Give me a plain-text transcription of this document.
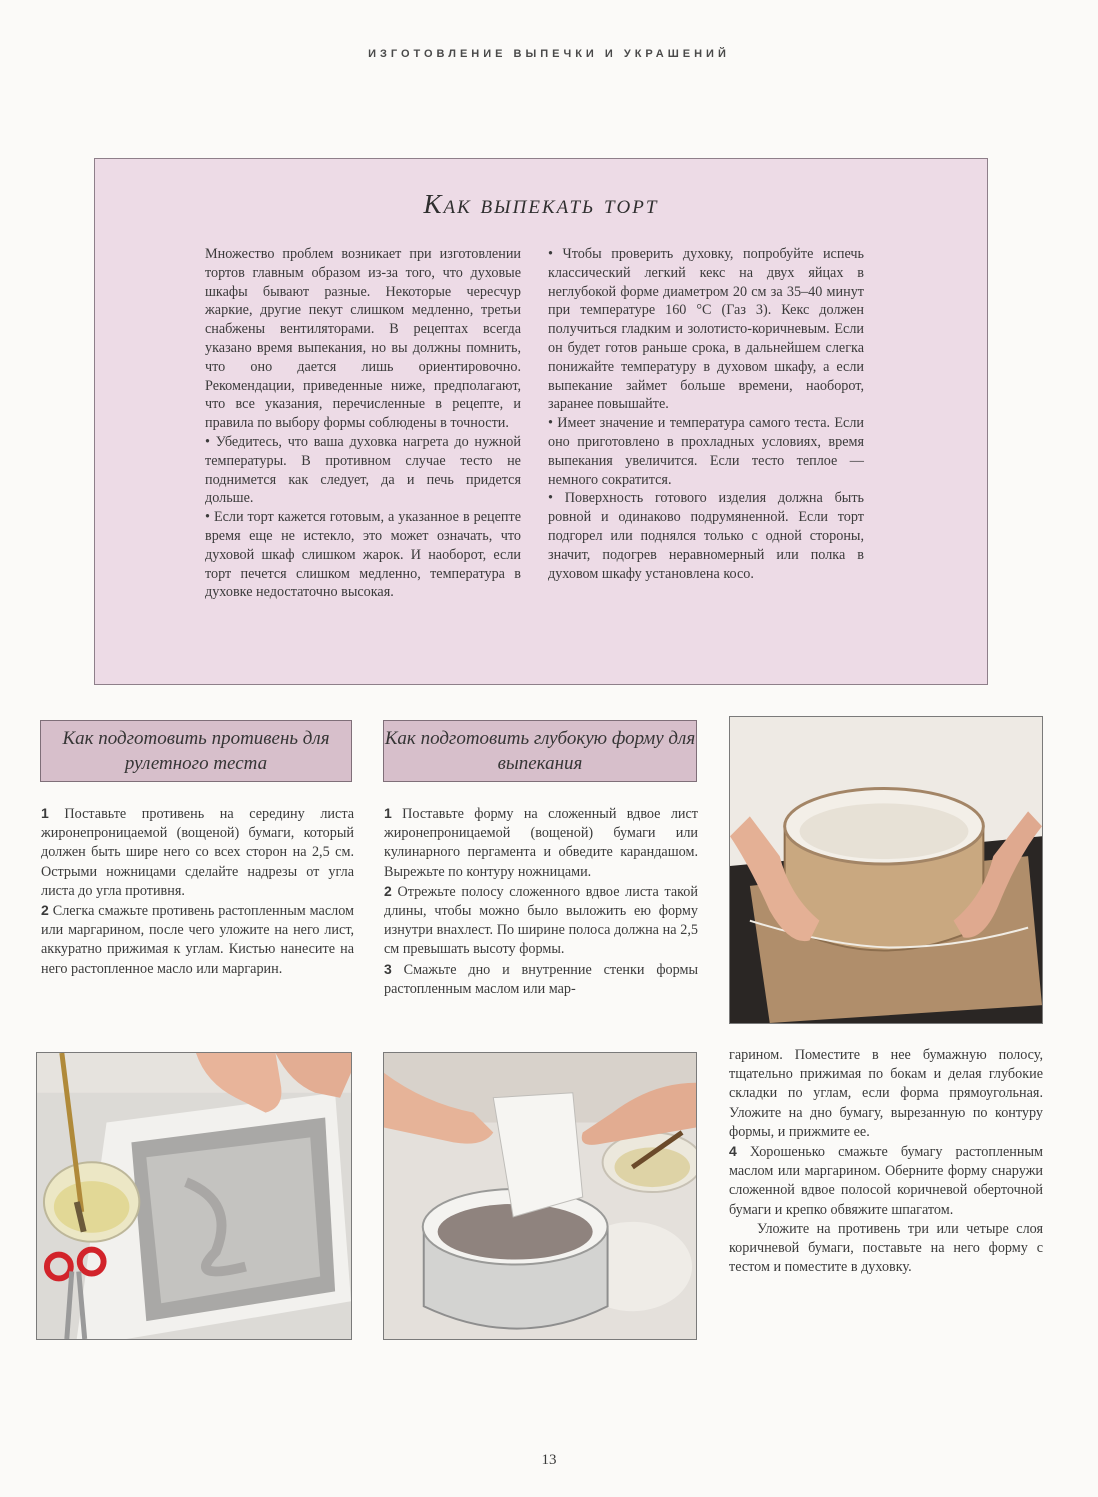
ИЗГОТОВЛЕНИЕ ВЫПЕЧКИ И УКРАШЕНИЙ
Как выпекать торт

Множество проблем возникает при изготовлении тортов главным образом из-за того, что духовые шкафы бывают разные. Некоторые чересчур жаркие, другие пекут слишком медленно, третьи снабжены вентиляторами. В рецептах всегда указано время выпекания, но вы должны помнить, что оно дается лишь ориентировочно. Рекомендации, приведенные ниже, предполагают, что все указания, перечисленные в рецепте, и правила по выбору формы соблюдены в точности.

• Убедитесь, что ваша духовка нагрета до нужной температуры. В противном случае тесто не поднимется как следует, да и печь придется дольше.

• Если торт кажется готовым, а указанное в рецепте время еще не истекло, это может означать, что духовой шкаф слишком жарок. И наоборот, если торт печется слишком медленно, температура в духовке недостаточно высокая.

• Чтобы проверить духовку, попробуйте испечь классический легкий кекс на двух яйцах в неглубокой форме диаметром 20 см за 35–40 минут при температуре 160 °С (Газ 3). Кекс должен получиться гладким и золотисто-коричневым. Если он будет готов раньше срока, в дальнейшем слегка понижайте температуру в духовом шкафу, а если выпекание займет больше времени, наоборот, заранее повышайте.

• Имеет значение и температура самого теста. Если оно приготовлено в прохладных условиях, время выпекания увеличится. Если тесто теплое — немного сократится.

• Поверхность готового изделия должна быть ровной и одинаково подрумяненной. Если торт подгорел или поднялся только с одной стороны, значит, подогрев неравномерный или полка в духовом шкафу установлена косо.

Как подготовить противень для рулетного теста
Как подготовить глубокую форму для выпекания

1 Поставьте противень на середину листа жиронепроницаемой (вощеной) бумаги, который должен быть шире него со всех сторон на 2,5 см. Острыми ножницами сделайте надрезы от угла листа до угла противня.

2 Слегка смажьте противень растопленным маслом или маргарином, после чего уложите на него лист, аккуратно прижимая к углам. Кистью нанесите на него растопленное масло или маргарин.

1 Поставьте форму на сложенный вдвое лист жиронепроницаемой (вощеной) бумаги или кулинарного пергамента и обведите карандашом. Вырежьте по контуру ножницами.

2 Отрежьте полосу сложенного вдвое листа такой длины, чтобы можно было выложить ею форму изнутри внахлест. По ширине полоса должна на 2,5 см превышать высоту формы.

3 Смажьте дно и внутренние стенки формы растопленным маслом или мар-

гарином. Поместите в нее бумажную полосу, тщательно прижимая по бокам и делая глубокие складки по углам, если форма прямоугольная. Уложите на дно бумагу, вырезанную по контуру формы, и прижмите ее.

4 Хорошенько смажьте бумагу растопленным маслом или маргарином. Оберните форму снаружи сложенной вдвое полосой коричневой оберточной бумаги и крепко обвяжите шпагатом.

Уложите на противень три или четыре слоя коричневой бумаги, поставьте на него форму с тестом и поместите в духовку.

13
